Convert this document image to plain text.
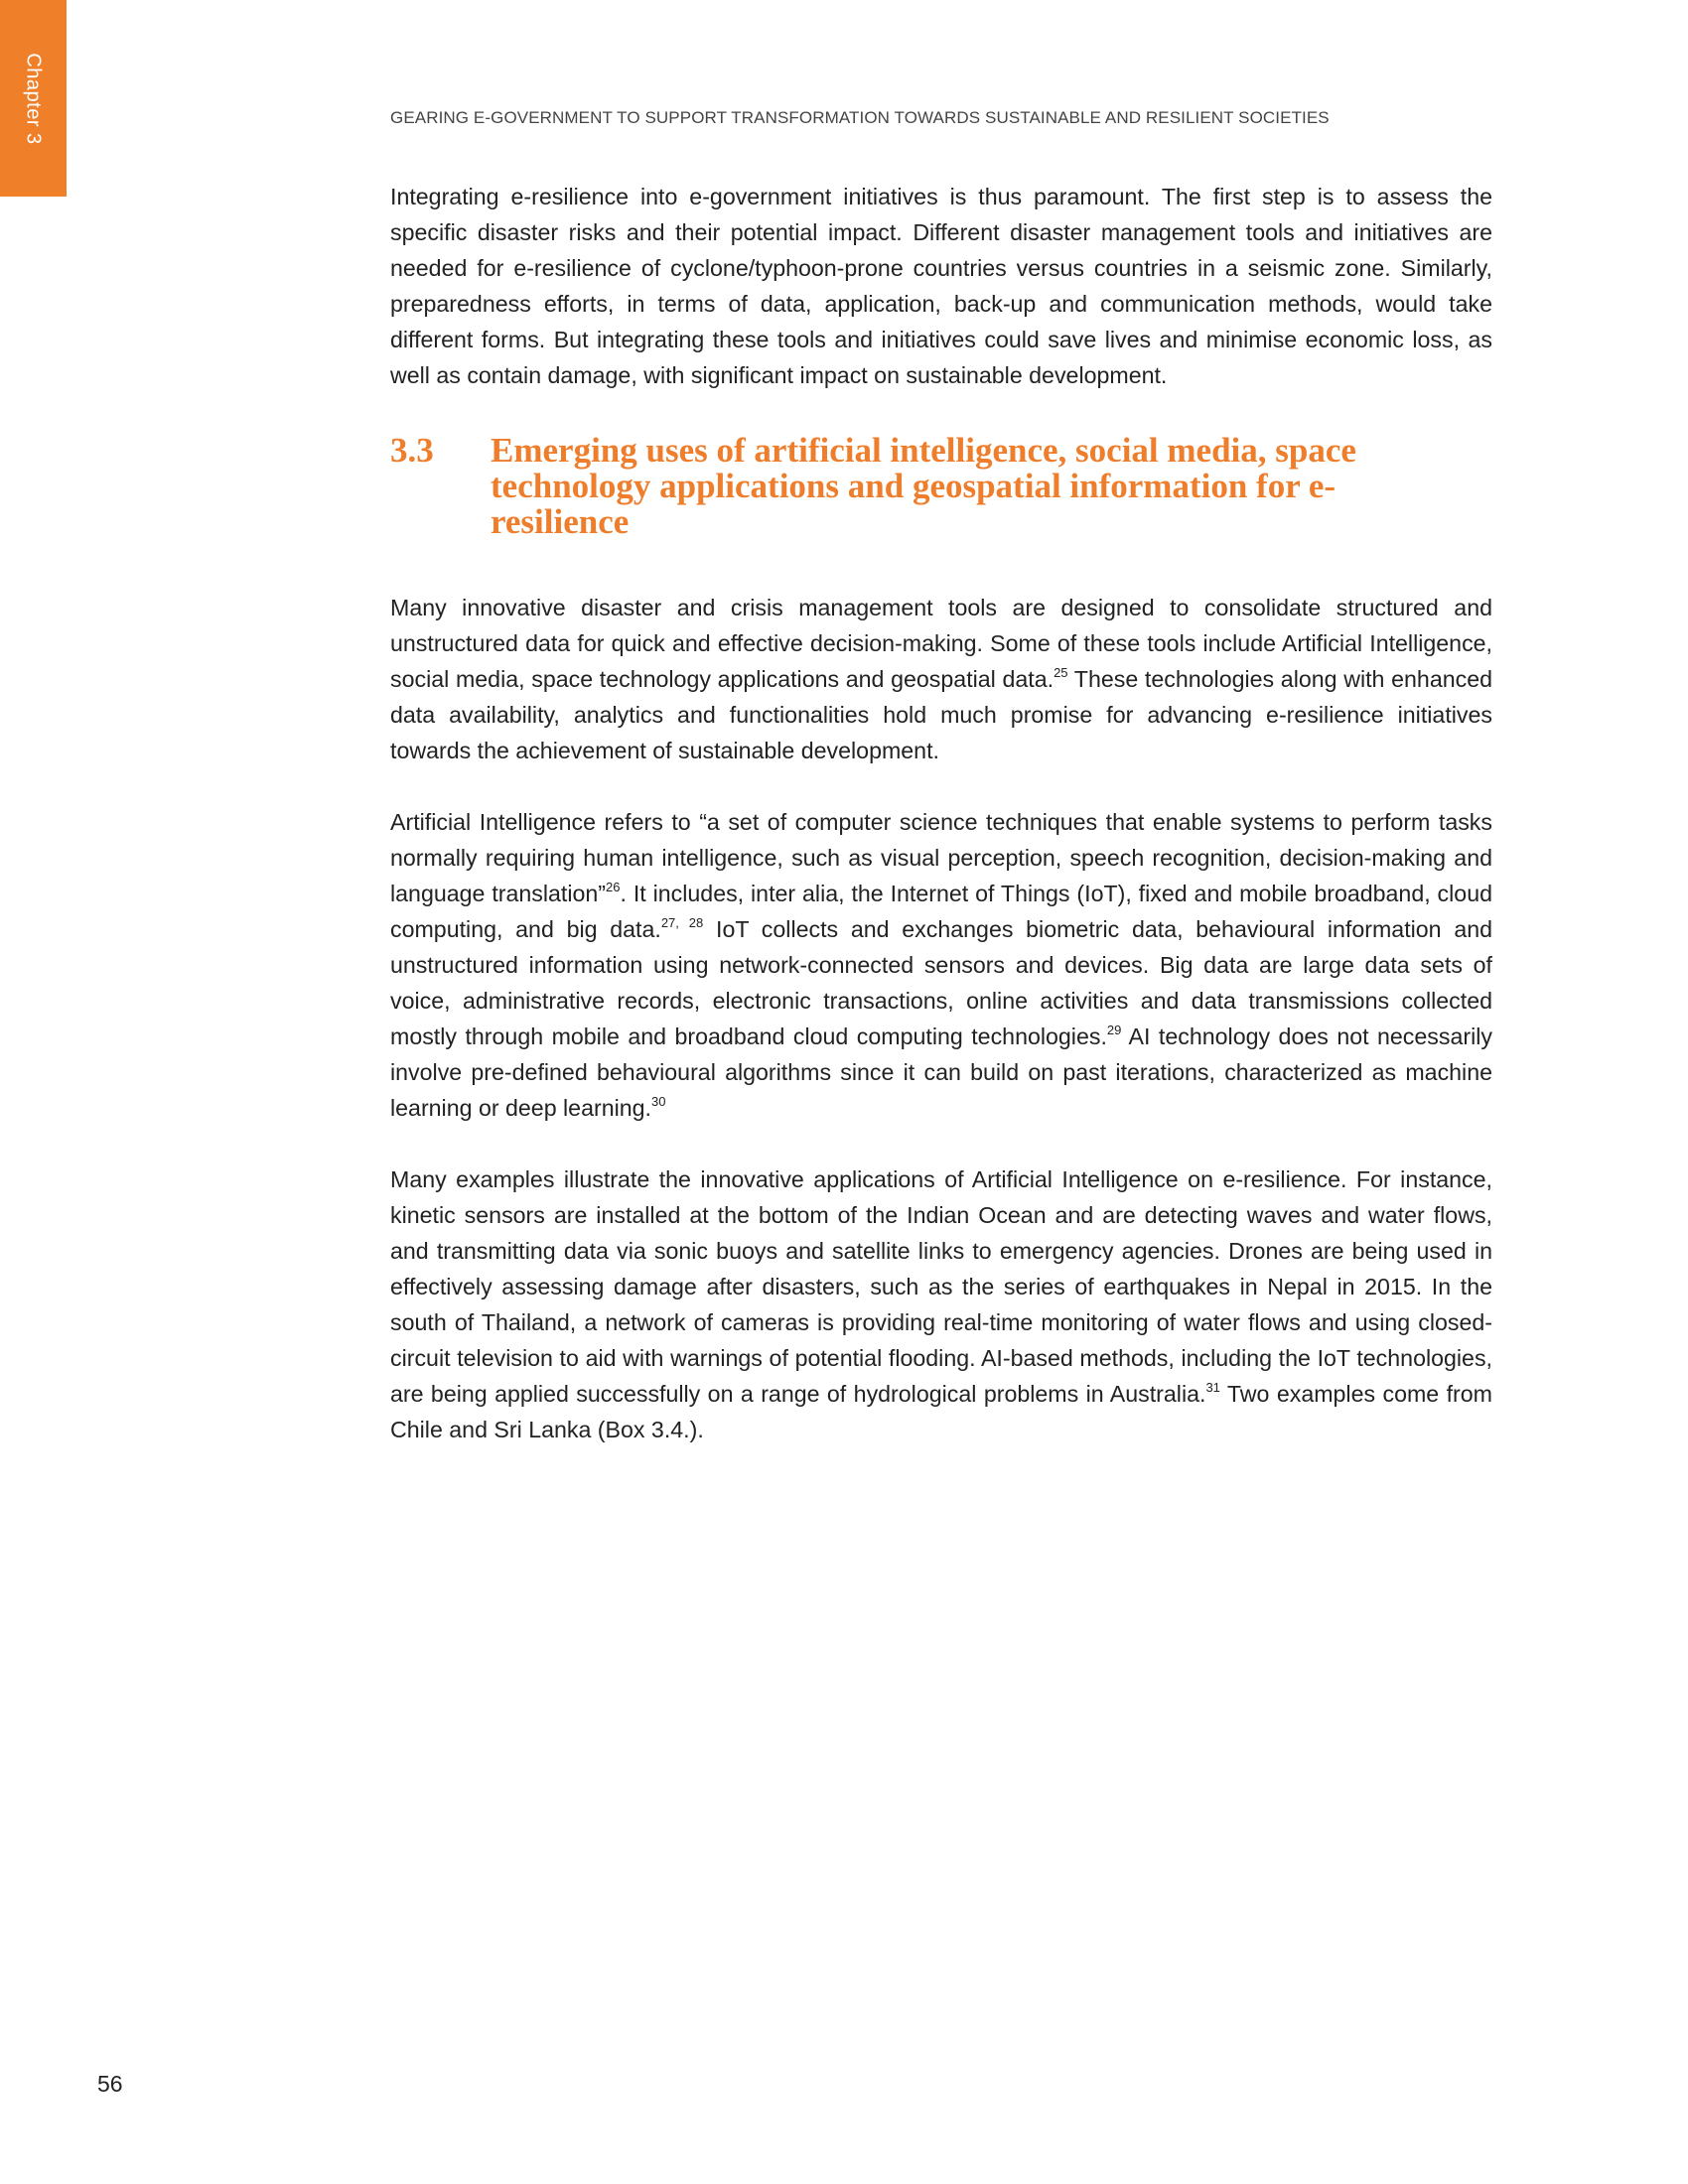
Chapter 3	GEARING E-GOVERNMENT TO SUPPORT TRANSFORMATION TOWARDS SUSTAINABLE AND RESILIENT SOCIETIES

Integrating e-resilience into e-government initiatives is thus paramount. The first step is to assess the specific disaster risks and their potential impact. Different disaster management tools and initiatives are needed for e-resilience of cyclone/typhoon-prone countries versus countries in a seismic zone. Similarly, preparedness efforts, in terms of data, application, back-up and communication methods, would take different forms. But integrating these tools and initiatives could save lives and minimise economic loss, as well as contain damage, with significant impact on sustainable development.

3.3	Emerging uses of artificial intelligence, social media, space technology applications and geospatial information for e-resilience

Many innovative disaster and crisis management tools are designed to consolidate structured and unstructured data for quick and effective decision-making. Some of these tools include Artificial Intelligence, social media, space technology applications and geospatial data.$^{25}$ These technologies along with enhanced data availability, analytics and functionalities hold much promise for advancing e-resilience initiatives towards the achievement of sustainable development.

Artificial Intelligence refers to “a set of computer science techniques that enable systems to perform tasks normally requiring human intelligence, such as visual perception, speech recognition, decision-making and language translation”$^{26}$. It includes, inter alia, the Internet of Things (IoT), fixed and mobile broadband, cloud computing, and big data.$^{27, 28}$ IoT collects and exchanges biometric data, behavioural information and unstructured information using network-connected sensors and devices. Big data are large data sets of voice, administrative records, electronic transactions, online activities and data transmissions collected mostly through mobile and broadband cloud computing technologies.$^{29}$ AI technology does not necessarily involve pre-defined behavioural algorithms since it can build on past iterations, characterized as machine learning or deep learning.$^{30}$

Many examples illustrate the innovative applications of Artificial Intelligence on e-resilience. For instance, kinetic sensors are installed at the bottom of the Indian Ocean and are detecting waves and water flows, and transmitting data via sonic buoys and satellite links to emergency agencies. Drones are being used in effectively assessing damage after disasters, such as the series of earthquakes in Nepal in 2015. In the south of Thailand, a network of cameras is providing real-time monitoring of water flows and using closed-circuit television to aid with warnings of potential flooding. AI-based methods, including the IoT technologies, are being applied successfully on a range of hydrological problems in Australia.$^{31}$ Two examples come from Chile and Sri Lanka (Box 3.4.).

56
